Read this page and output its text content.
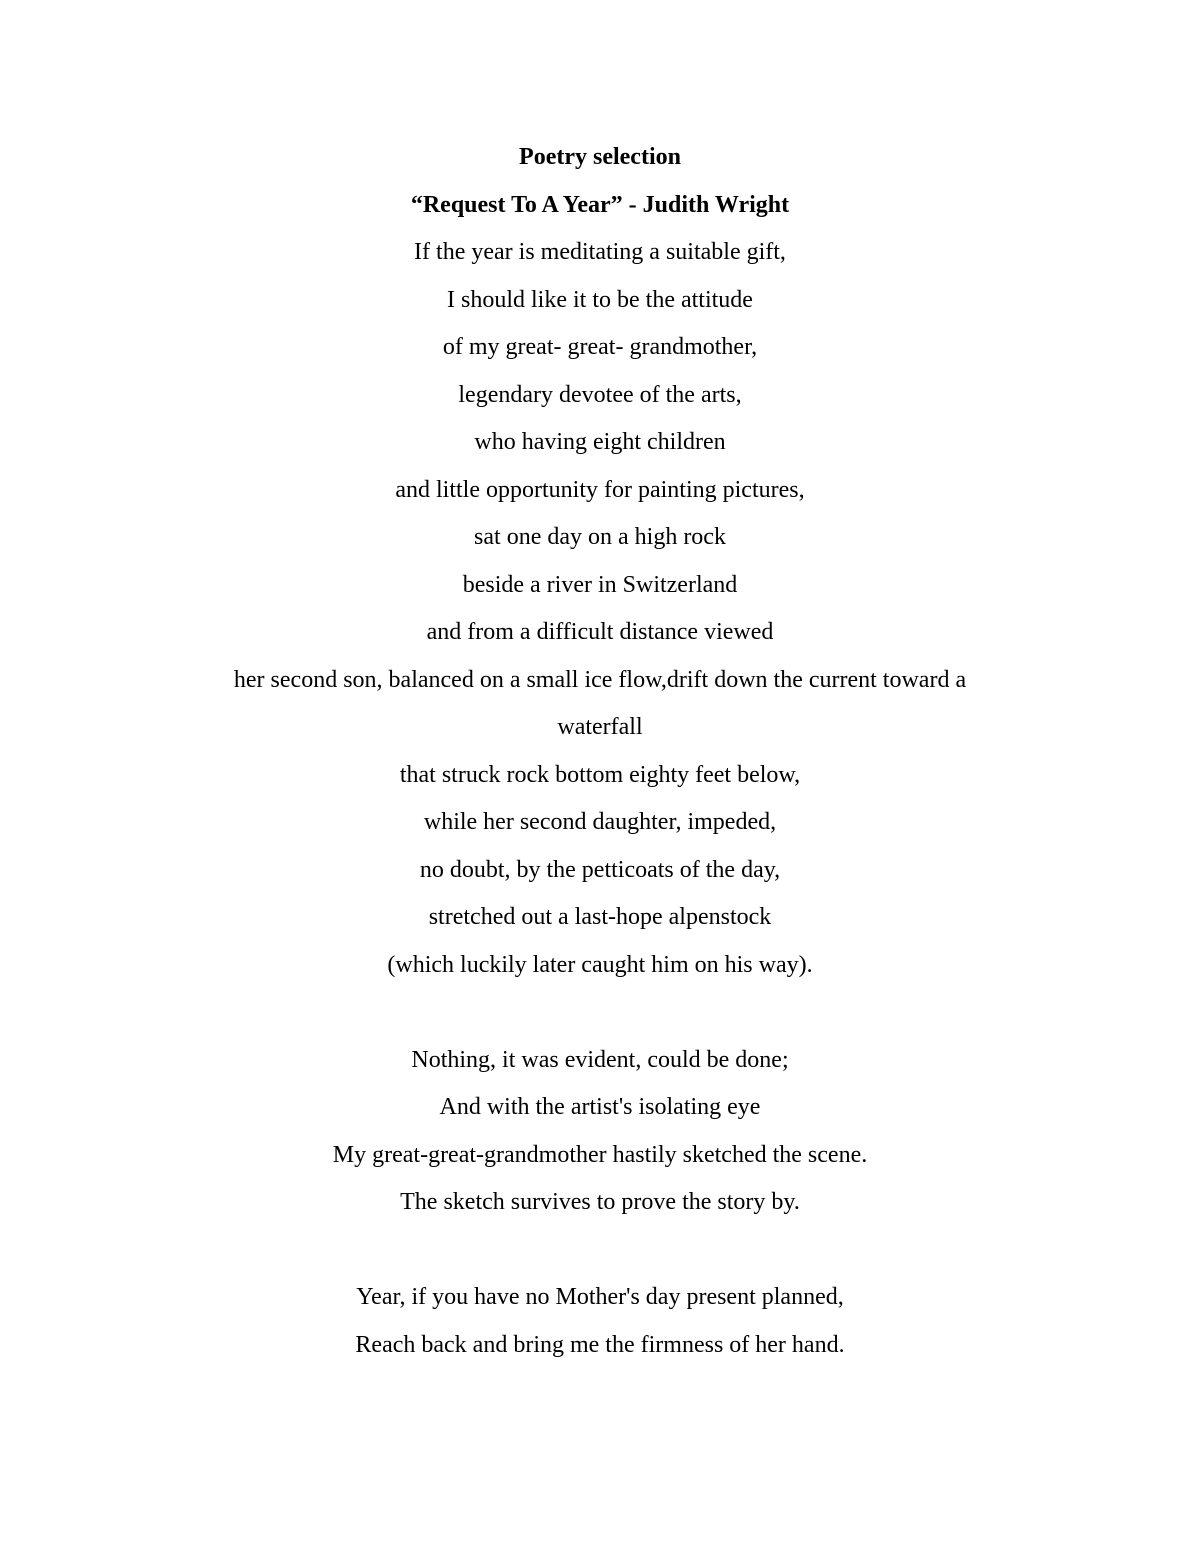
Poetry selection

“Request To A Year” - Judith Wright

If the year is meditating a suitable gift,

I should like it to be the attitude

of my great- great- grandmother,

legendary devotee of the arts,

who having eight children

and little opportunity for painting pictures,

sat one day on a high rock

beside a river in Switzerland

and from a difficult distance viewed

her second son, balanced on a small ice flow,drift down the current toward a

waterfall

that struck rock bottom eighty feet below,

while her second daughter, impeded,

no doubt, by the petticoats of the day,

stretched out a last-hope alpenstock

(which luckily later caught him on his way).

Nothing, it was evident, could be done;

And with the artist's isolating eye

My great-great-grandmother hastily sketched the scene.

The sketch survives to prove the story by.

Year, if you have no Mother's day present planned,

Reach back and bring me the firmness of her hand.
